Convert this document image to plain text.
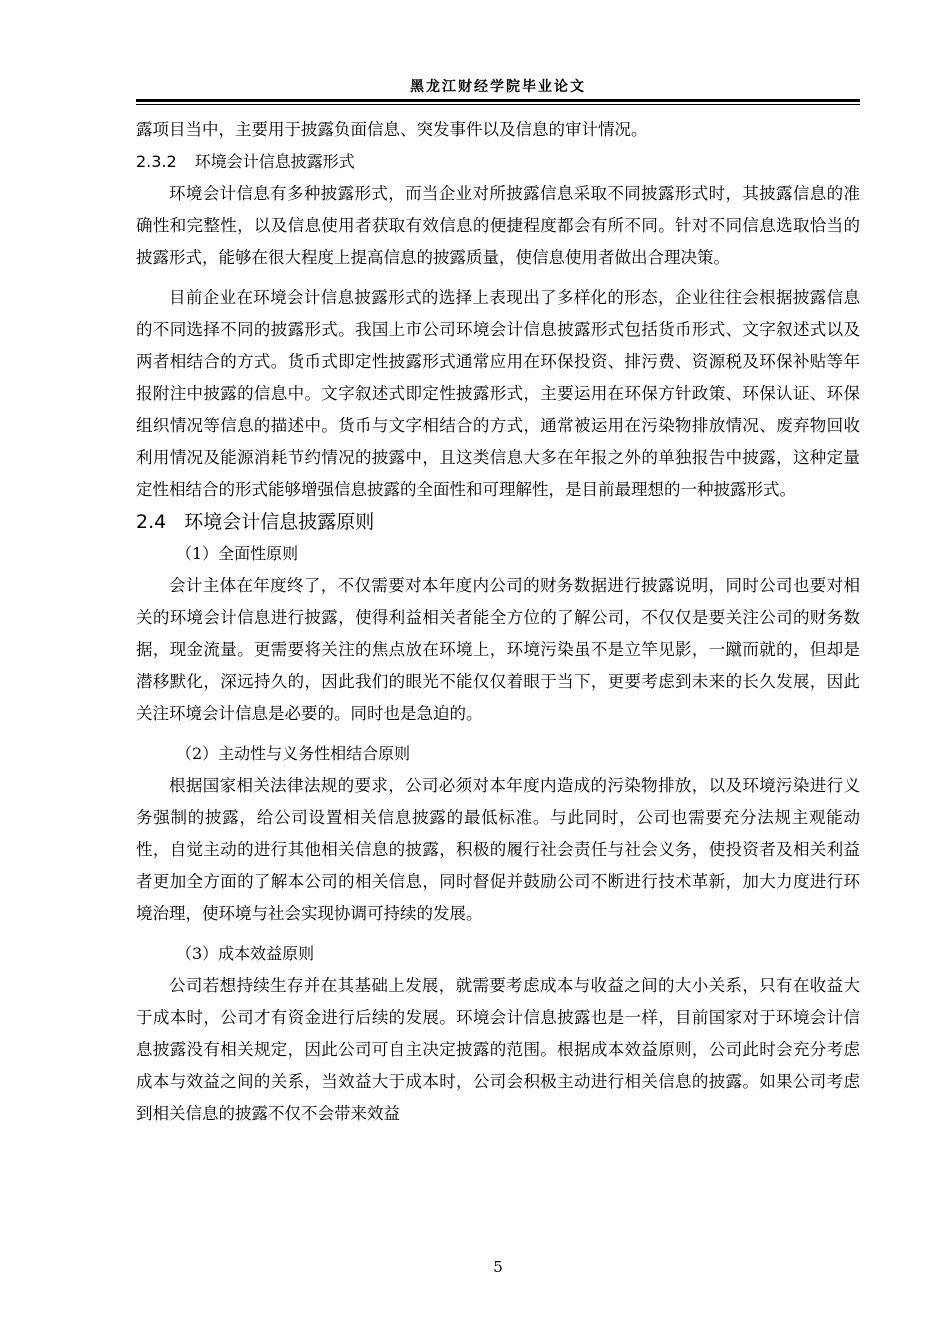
黑龙江财经学院毕业论文

露项目当中，主要用于披露负面信息、突发事件以及信息的审计情况。

2.3.2 环境会计信息披露形式

环境会计信息有多种披露形式，而当企业对所披露信息采取不同披露形式时，其披露信息的准确性和完整性，以及信息使用者获取有效信息的便捷程度都会有所不同。针对不同信息选取恰当的披露形式，能够在很大程度上提高信息的披露质量，使信息使用者做出合理决策。

目前企业在环境会计信息披露形式的选择上表现出了多样化的形态，企业往往会根据披露信息的不同选择不同的披露形式。我国上市公司环境会计信息披露形式包括货币形式、文字叙述式以及两者相结合的方式。货币式即定性披露形式通常应用在环保投资、排污费、资源税及环保补贴等年报附注中披露的信息中。文字叙述式即定性披露形式，主要运用在环保方针政策、环保认证、环保组织情况等信息的描述中。货币与文字相结合的方式，通常被运用在污染物排放情况、废弃物回收利用情况及能源消耗节约情况的披露中，且这类信息大多在年报之外的单独报告中披露，这种定量定性相结合的形式能够增强信息披露的全面性和可理解性，是目前最理想的一种披露形式。

2.4 环境会计信息披露原则

（1）全面性原则

会计主体在年度终了，不仅需要对本年度内公司的财务数据进行披露说明，同时公司也要对相关的环境会计信息进行披露，使得利益相关者能全方位的了解公司，不仅仅是要关注公司的财务数据，现金流量。更需要将关注的焦点放在环境上，环境污染虽不是立竿见影，一蹴而就的，但却是潜移默化，深远持久的，因此我们的眼光不能仅仅着眼于当下，更要考虑到未来的长久发展，因此关注环境会计信息是必要的。同时也是急迫的。

（2）主动性与义务性相结合原则

根据国家相关法律法规的要求，公司必须对本年度内造成的污染物排放，以及环境污染进行义务强制的披露，给公司设置相关信息披露的最低标准。与此同时，公司也需要充分法规主观能动性，自觉主动的进行其他相关信息的披露，积极的履行社会责任与社会义务，使投资者及相关利益者更加全方面的了解本公司的相关信息，同时督促并鼓励公司不断进行技术革新，加大力度进行环境治理，使环境与社会实现协调可持续的发展。

（3）成本效益原则

公司若想持续生存并在其基础上发展，就需要考虑成本与收益之间的大小关系，只有在收益大于成本时，公司才有资金进行后续的发展。环境会计信息披露也是一样，目前国家对于环境会计信息披露没有相关规定，因此公司可自主决定披露的范围。根据成本效益原则，公司此时会充分考虑成本与效益之间的关系，当效益大于成本时，公司会积极主动进行相关信息的披露。如果公司考虑到相关信息的披露不仅不会带来效益

5
